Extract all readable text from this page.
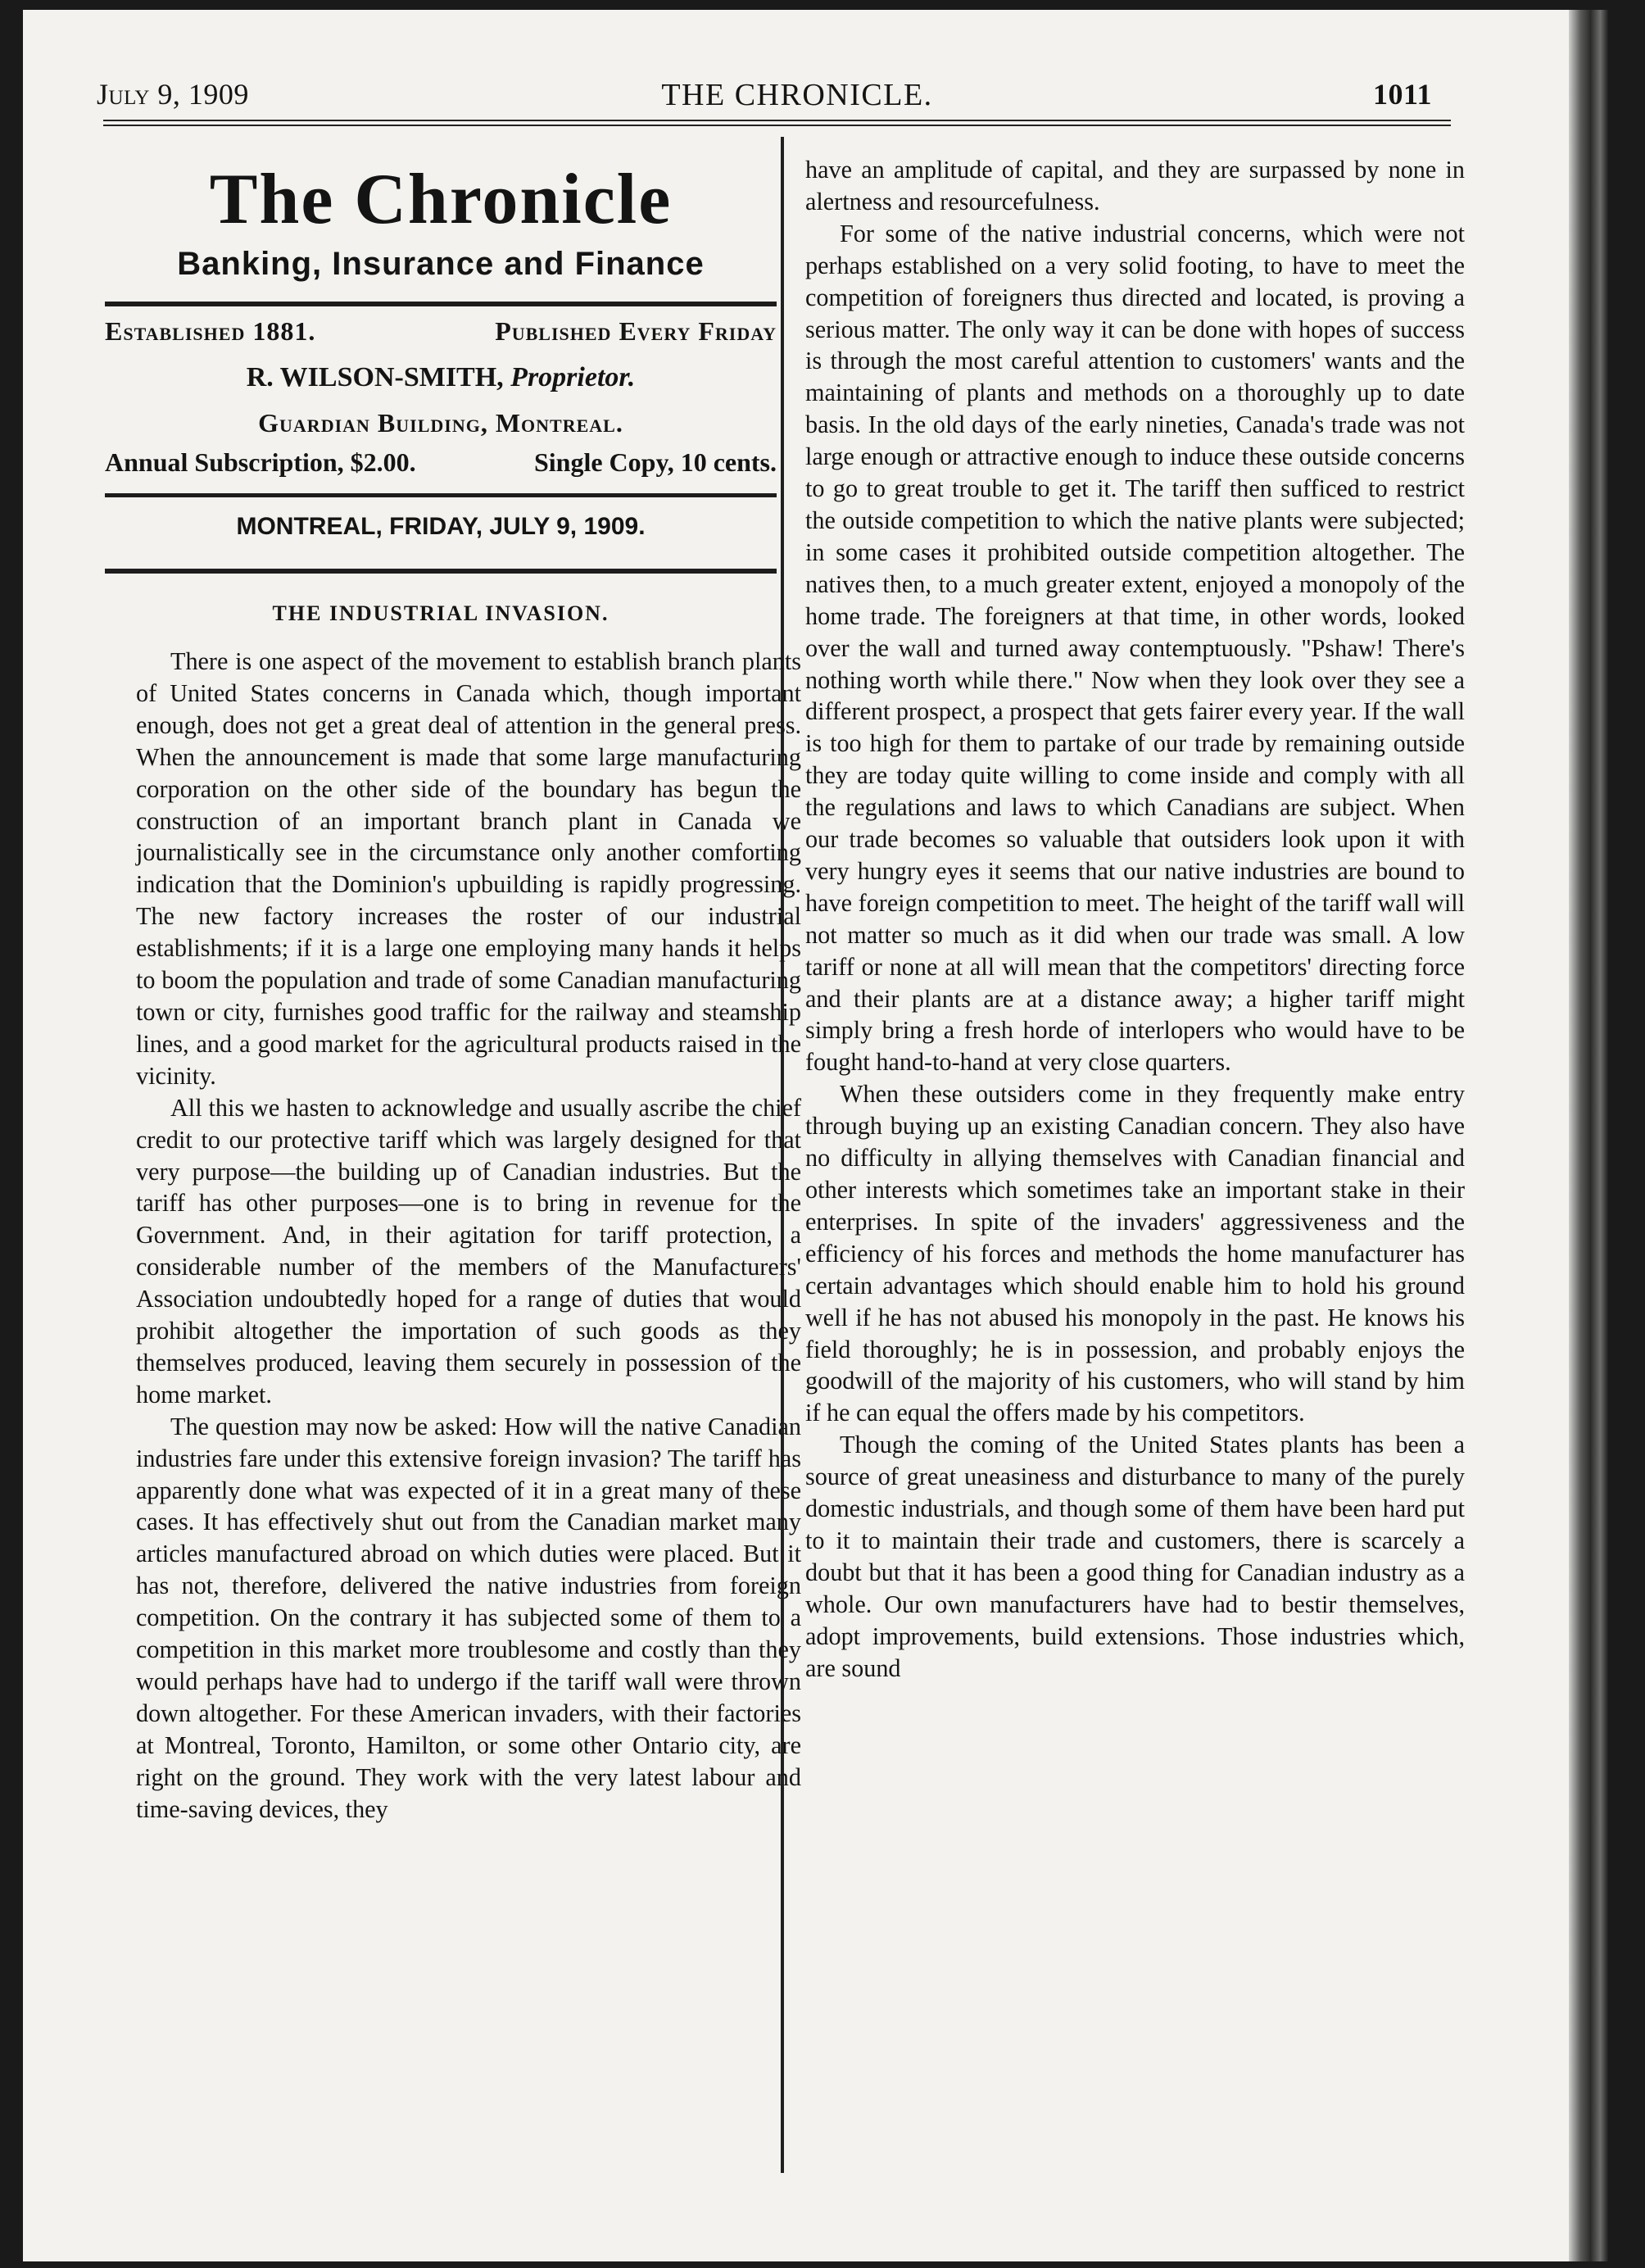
July 9, 1909	THE CHRONICLE.	1011
The Chronicle
Banking, Insurance and Finance
Established 1881.	Published Every Friday
R. WILSON-SMITH, Proprietor.
Guardian Building, Montreal.
Annual Subscription, $2.00.	Single Copy, 10 cents.
MONTREAL, FRIDAY, JULY 9, 1909.
THE INDUSTRIAL INVASION.

There is one aspect of the movement to establish branch plants of United States concerns in Canada which, though important enough, does not get a great deal of attention in the general press. When the announcement is made that some large manufacturing corporation on the other side of the boundary has begun the construction of an important branch plant in Canada we journalistically see in the circumstance only another comforting indication that the Dominion's upbuilding is rapidly progressing. The new factory increases the roster of our industrial establishments; if it is a large one employing many hands it helps to boom the population and trade of some Canadian manufacturing town or city, furnishes good traffic for the railway and steamship lines, and a good market for the agricultural products raised in the vicinity.

All this we hasten to acknowledge and usually ascribe the chief credit to our protective tariff which was largely designed for that very purpose—the building up of Canadian industries. But the tariff has other purposes—one is to bring in revenue for the Government. And, in their agitation for tariff protection, a considerable number of the members of the Manufacturers' Association undoubtedly hoped for a range of duties that would prohibit altogether the importation of such goods as they themselves produced, leaving them securely in possession of the home market.

The question may now be asked: How will the native Canadian industries fare under this extensive foreign invasion? The tariff has apparently done what was expected of it in a great many of these cases. It has effectively shut out from the Canadian market many articles manufactured abroad on which duties were placed. But it has not, therefore, delivered the native industries from foreign competition. On the contrary it has subjected some of them to a competition in this market more troublesome and costly than they would perhaps have had to undergo if the tariff wall were thrown down altogether. For these American invaders, with their factories at Montreal, Toronto, Hamilton, or some other Ontario city, are right on the ground. They work with the very latest labour and time-saving devices, they

have an amplitude of capital, and they are surpassed by none in alertness and resourcefulness.

For some of the native industrial concerns, which were not perhaps established on a very solid footing, to have to meet the competition of foreigners thus directed and located, is proving a serious matter. The only way it can be done with hopes of success is through the most careful attention to customers' wants and the maintaining of plants and methods on a thoroughly up to date basis. In the old days of the early nineties, Canada's trade was not large enough or attractive enough to induce these outside concerns to go to great trouble to get it. The tariff then sufficed to restrict the outside competition to which the native plants were subjected; in some cases it prohibited outside competition altogether. The natives then, to a much greater extent, enjoyed a monopoly of the home trade. The foreigners at that time, in other words, looked over the wall and turned away contemptuously. "Pshaw! There's nothing worth while there." Now when they look over they see a different prospect, a prospect that gets fairer every year. If the wall is too high for them to partake of our trade by remaining outside they are today quite willing to come inside and comply with all the regulations and laws to which Canadians are subject. When our trade becomes so valuable that outsiders look upon it with very hungry eyes it seems that our native industries are bound to have foreign competition to meet. The height of the tariff wall will not matter so much as it did when our trade was small. A low tariff or none at all will mean that the competitors' directing force and their plants are at a distance away; a higher tariff might simply bring a fresh horde of interlopers who would have to be fought hand-to-hand at very close quarters.

When these outsiders come in they frequently make entry through buying up an existing Canadian concern. They also have no difficulty in allying themselves with Canadian financial and other interests which sometimes take an important stake in their enterprises. In spite of the invaders' aggressiveness and the efficiency of his forces and methods the home manufacturer has certain advantages which should enable him to hold his ground well if he has not abused his monopoly in the past. He knows his field thoroughly; he is in possession, and probably enjoys the goodwill of the majority of his customers, who will stand by him if he can equal the offers made by his competitors.

Though the coming of the United States plants has been a source of great uneasiness and disturbance to many of the purely domestic industrials, and though some of them have been hard put to it to maintain their trade and customers, there is scarcely a doubt but that it has been a good thing for Canadian industry as a whole. Our own manufacturers have had to bestir themselves, adopt improvements, build extensions. Those industries which, are sound
